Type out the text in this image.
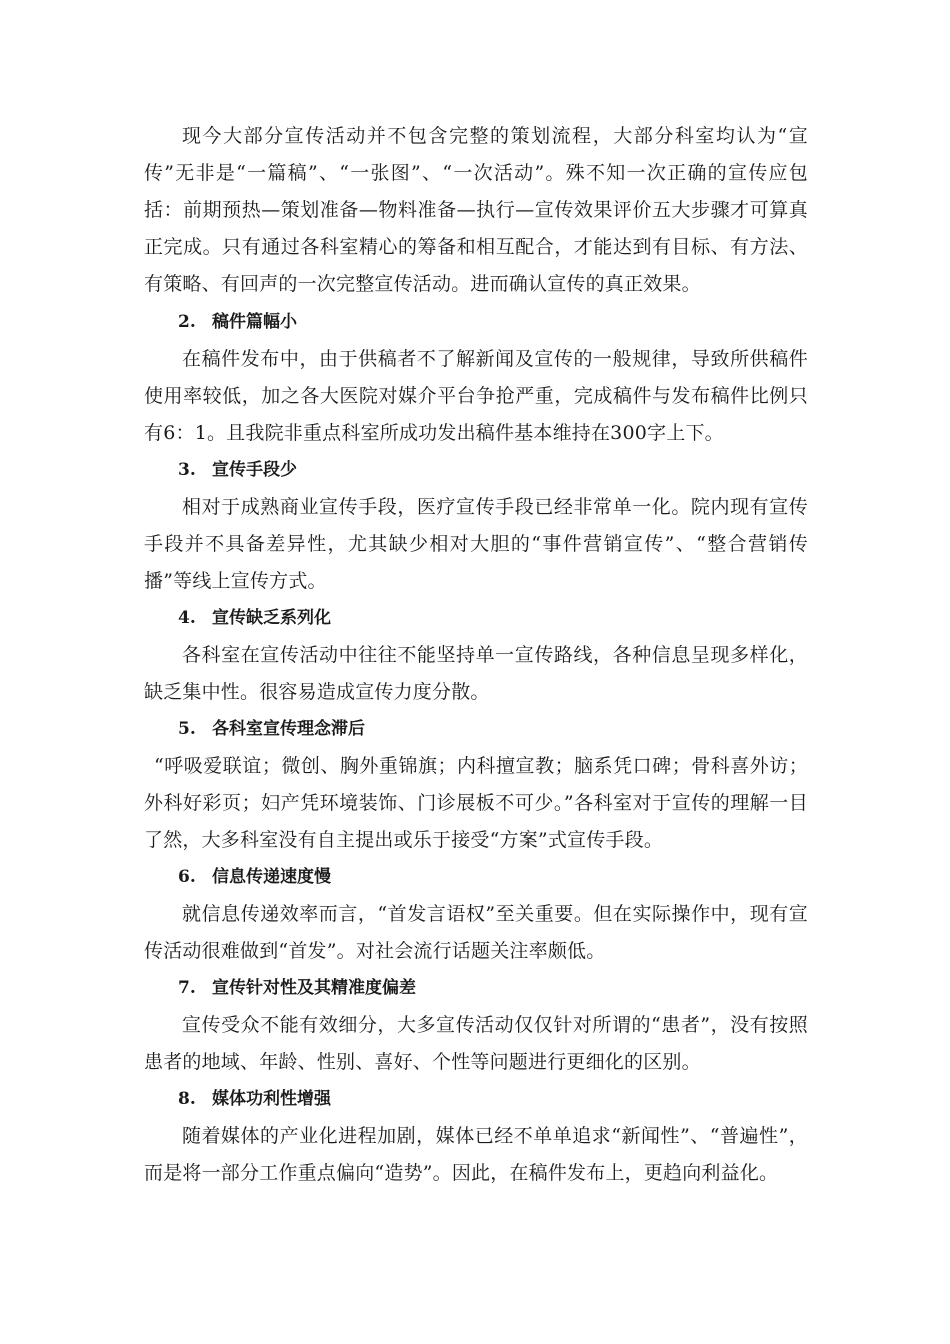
现今大部分宣传活动并不包含完整的策划流程，大部分科室均认为“宣传”无非是“一篇稿”、“一张图”、“一次活动”。殊不知一次正确的宣传应包括：前期预热—策划准备—物料准备—执行—宣传效果评价五大步骤才可算真正完成。只有通过各科室精心的筹备和相互配合，才能达到有目标、有方法、有策略、有回声的一次完整宣传活动。进而确认宣传的真正效果。

2. 稿件篇幅小

在稿件发布中，由于供稿者不了解新闻及宣传的一般规律，导致所供稿件使用率较低，加之各大医院对媒介平台争抢严重，完成稿件与发布稿件比例只有6：1。且我院非重点科室所成功发出稿件基本维持在300字上下。

3. 宣传手段少

相对于成熟商业宣传手段，医疗宣传手段已经非常单一化。院内现有宣传手段并不具备差异性，尤其缺少相对大胆的“事件营销宣传”、“整合营销传播”等线上宣传方式。

4. 宣传缺乏系列化

各科室在宣传活动中往往不能坚持单一宣传路线，各种信息呈现多样化，缺乏集中性。很容易造成宣传力度分散。

5. 各科室宣传理念滞后

“呼吸爱联谊；微创、胸外重锦旗；内科擅宣教；脑系凭口碑；骨科喜外访；外科好彩页；妇产凭环境装饰、门诊展板不可少。”各科室对于宣传的理解一目了然，大多科室没有自主提出或乐于接受“方案”式宣传手段。

6. 信息传递速度慢

就信息传递效率而言，“首发言语权”至关重要。但在实际操作中，现有宣传活动很难做到“首发”。对社会流行话题关注率颇低。

7. 宣传针对性及其精准度偏差

宣传受众不能有效细分，大多宣传活动仅仅针对所谓的“患者”，没有按照患者的地域、年龄、性别、喜好、个性等问题进行更细化的区别。

8. 媒体功利性增强

随着媒体的产业化进程加剧，媒体已经不单单追求“新闻性”、“普遍性”，而是将一部分工作重点偏向“造势”。因此，在稿件发布上，更趋向利益化。
